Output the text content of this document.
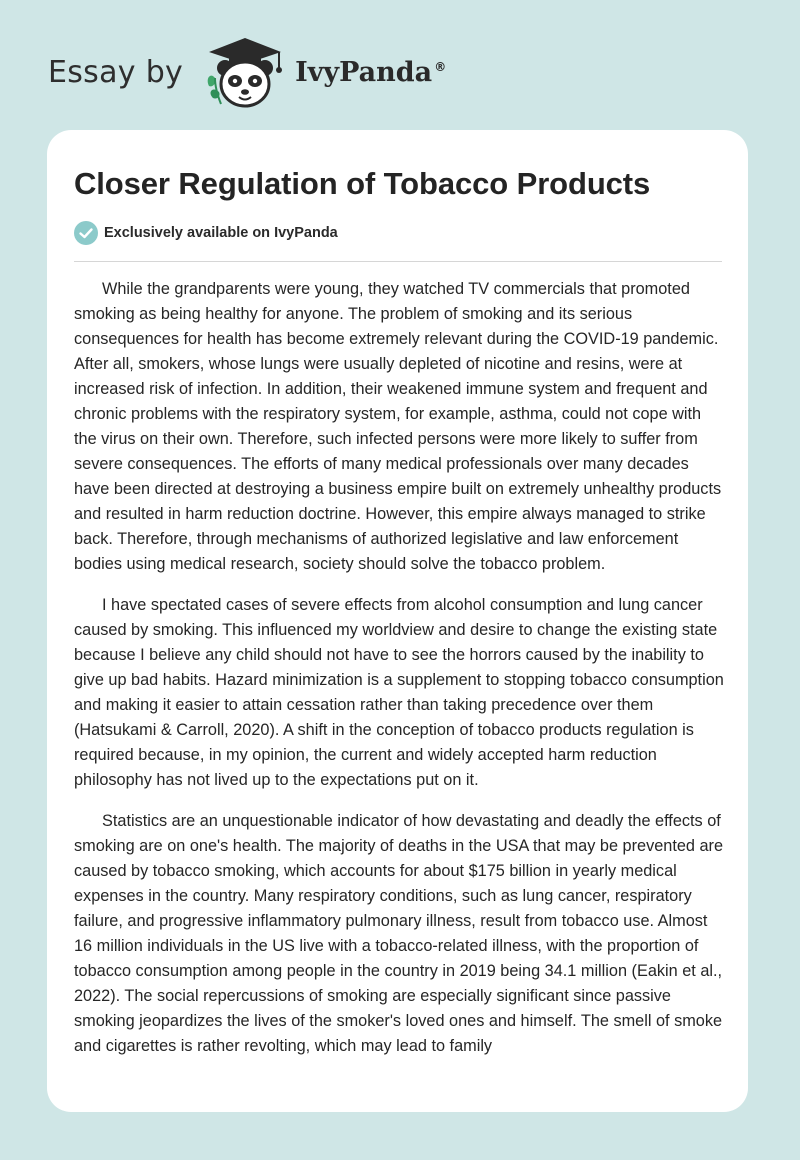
Essay by	IvyPanda ®
Closer Regulation of Tobacco Products
Exclusively available on IvyPanda

While the grandparents were young, they watched TV commercials that promoted smoking as being healthy for anyone. The problem of smoking and its serious consequences for health has become extremely relevant during the COVID-19 pandemic. After all, smokers, whose lungs were usually depleted of nicotine and resins, were at increased risk of infection. In addition, their weakened immune system and frequent and chronic problems with the respiratory system, for example, asthma, could not cope with the virus on their own. Therefore, such infected persons were more likely to suffer from severe consequences. The efforts of many medical professionals over many decades have been directed at destroying a business empire built on extremely unhealthy products and resulted in harm reduction doctrine. However, this empire always managed to strike back. Therefore, through mechanisms of authorized legislative and law enforcement bodies using medical research, society should solve the tobacco problem.

I have spectated cases of severe effects from alcohol consumption and lung cancer caused by smoking. This influenced my worldview and desire to change the existing state because I believe any child should not have to see the horrors caused by the inability to give up bad habits. Hazard minimization is a supplement to stopping tobacco consumption and making it easier to attain cessation rather than taking precedence over them (Hatsukami & Carroll, 2020). A shift in the conception of tobacco products regulation is required because, in my opinion, the current and widely accepted harm reduction philosophy has not lived up to the expectations put on it.

Statistics are an unquestionable indicator of how devastating and deadly the effects of smoking are on one's health. The majority of deaths in the USA that may be prevented are caused by tobacco smoking, which accounts for about $175 billion in yearly medical expenses in the country. Many respiratory conditions, such as lung cancer, respiratory failure, and progressive inflammatory pulmonary illness, result from tobacco use. Almost 16 million individuals in the US live with a tobacco-related illness, with the proportion of tobacco consumption among people in the country in 2019 being 34.1 million (Eakin et al., 2022). The social repercussions of smoking are especially significant since passive smoking jeopardizes the lives of the smoker's loved ones and himself. The smell of smoke and cigarettes is rather revolting, which may lead to family
